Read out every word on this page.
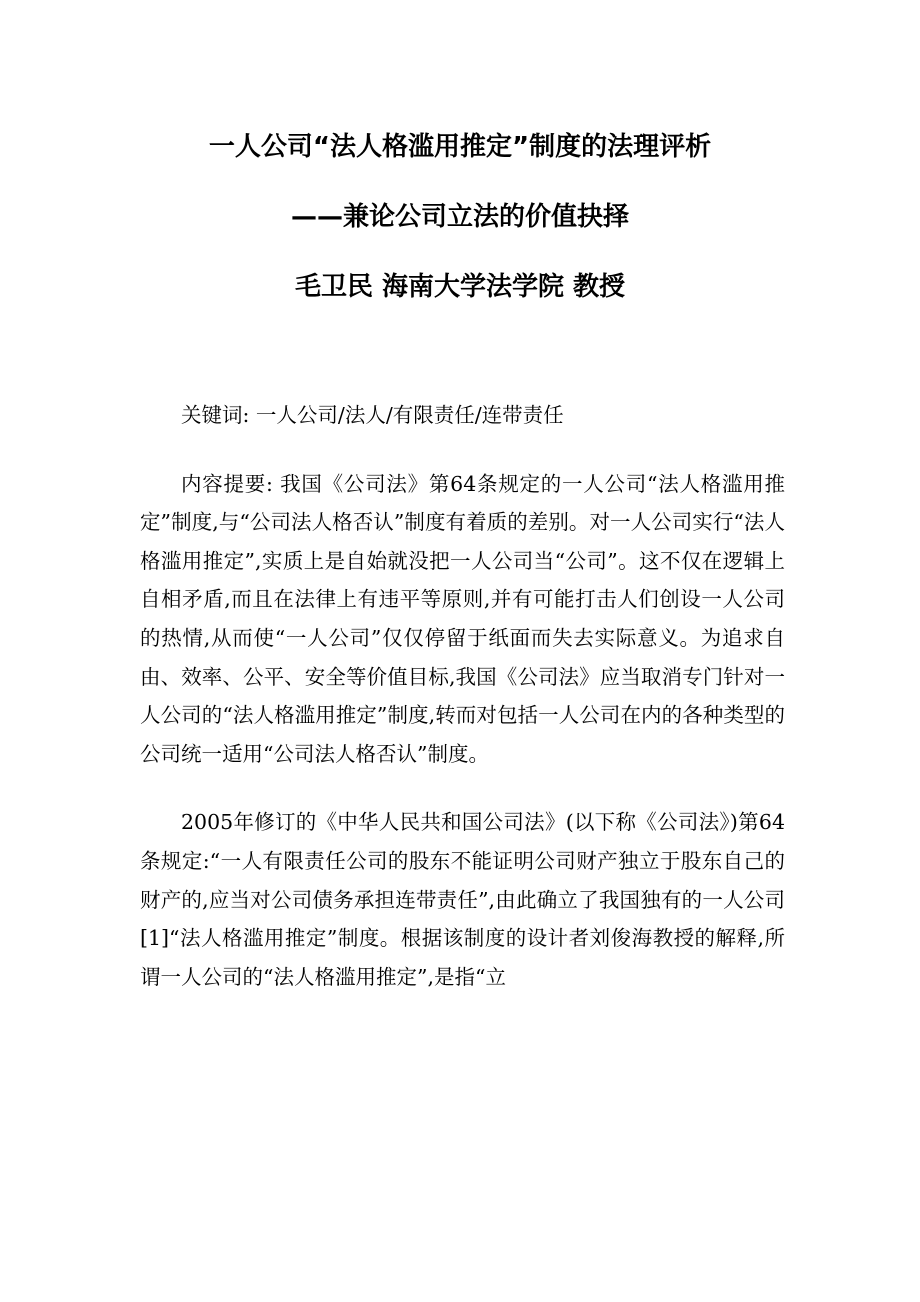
一人公司“法人格滥用推定”制度的法理评析
——兼论公司立法的价值抉择
毛卫民 海南大学法学院 教授

关键词: 一人公司/法人/有限责任/连带责任

内容提要: 我国《公司法》第64条规定的一人公司“法人格滥用推定”制度,与“公司法人格否认”制度有着质的差别。对一人公司实行“法人格滥用推定”,实质上是自始就没把一人公司当“公司”。这不仅在逻辑上自相矛盾,而且在法律上有违平等原则,并有可能打击人们创设一人公司的热情,从而使“一人公司”仅仅停留于纸面而失去实际意义。为追求自由、效率、公平、安全等价值目标,我国《公司法》应当取消专门针对一人公司的“法人格滥用推定”制度,转而对包括一人公司在内的各种类型的公司统一适用“公司法人格否认”制度。

2005年修订的《中华人民共和国公司法》(以下称《公司法》)第64条规定:“一人有限责任公司的股东不能证明公司财产独立于股东自己的财产的,应当对公司债务承担连带责任”,由此确立了我国独有的一人公司 [1]“法人格滥用推定”制度。根据该制度的设计者刘俊海教授的解释,所谓一人公司的“法人格滥用推定”,是指“立
